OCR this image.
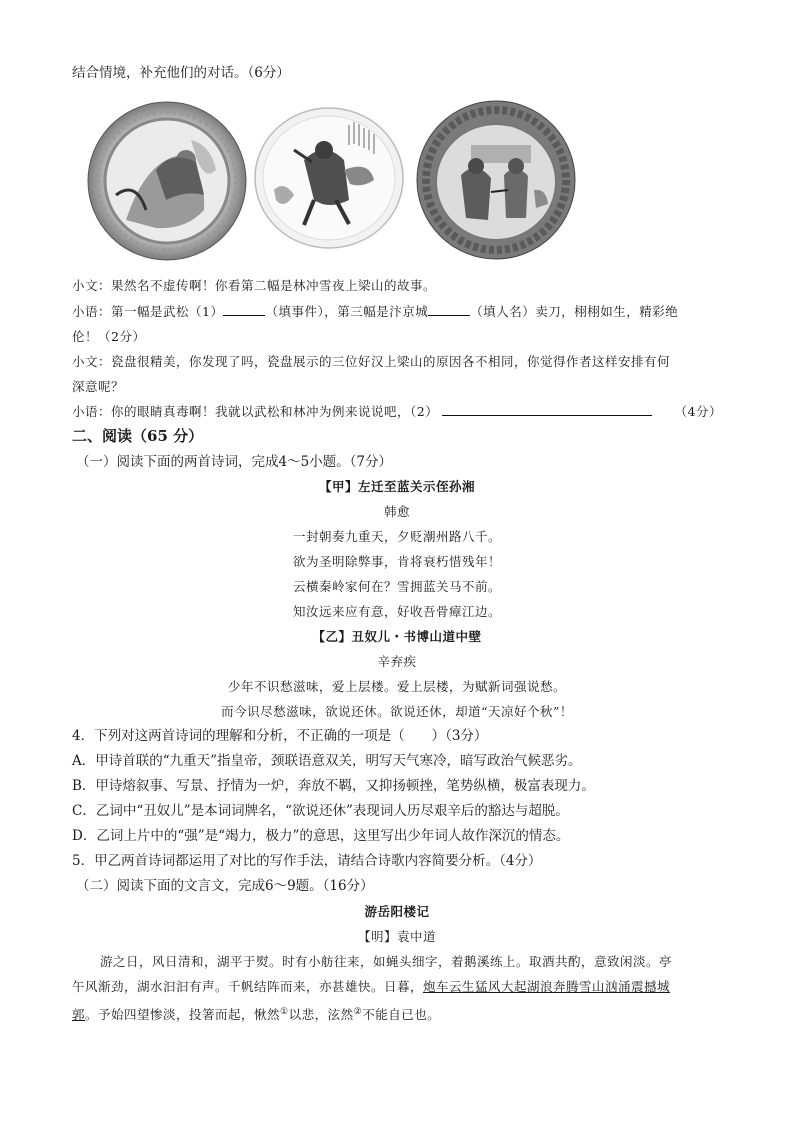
结合情境，补充他们的对话。（6分）
小文：果然名不虚传啊！你看第二幅是林冲雪夜上梁山的故事。
小语：第一幅是武松（1）	（填事件），第三幅是汴京城	（填人名）卖刀，栩栩如生，精彩绝
伦！（2分）
小文：瓷盘很精美，你发现了吗，瓷盘展示的三位好汉上梁山的原因各不相同，你觉得作者这样安排有何
深意呢？
小语：你的眼睛真毒啊！我就以武松和林冲为例来说说吧，（2）	（4分）
二、阅读（65 分）
（一）阅读下面的两首诗词，完成4～5小题。（7分）
【甲】左迁至蓝关示侄孙湘
韩愈
一封朝奏九重天，夕贬潮州路八千。
欲为圣明除弊事，肯将衰朽惜残年！
云横秦岭家何在？雪拥蓝关马不前。
知汝远来应有意，好收吾骨瘴江边。
【乙】丑奴儿・书博山道中壁
辛弃疾
少年不识愁滋味，爱上层楼。爱上层楼，为赋新词强说愁。
而今识尽愁滋味，欲说还休。欲说还休，却道“天凉好个秋”！
4．下列对这两首诗词的理解和分析，不正确的一项是（　　）（3分）
A．甲诗首联的“九重天”指皇帝，颈联语意双关，明写天气寒冷，暗写政治气候恶劣。
B．甲诗熔叙事、写景、抒情为一炉，奔放不羁，又抑扬顿挫，笔势纵横，极富表现力。
C．乙词中“丑奴儿”是本词词牌名，“欲说还休”表现词人历尽艰辛后的豁达与超脱。
D．乙词上片中的“强”是“竭力，极力”的意思，这里写出少年词人故作深沉的情态。
5．甲乙两首诗词都运用了对比的写作手法，请结合诗歌内容简要分析。（4分）
（二）阅读下面的文言文，完成6～9题。（16分）
游岳阳楼记
【明】袁中道
游之日，风日清和，湖平于熨。时有小舫往来，如蝇头细字，着鹅溪练上。取酒共酌，意致闲淡。亭
午风渐劲，湖水汩汩有声。千帆结阵而来，亦甚雄快。日暮，炮车云生猛风大起湖浪奔腾雪山汹涌震撼城
郭。予始四望惨淡，投箸而起，愀然①以悲，泫然②不能自已也。
